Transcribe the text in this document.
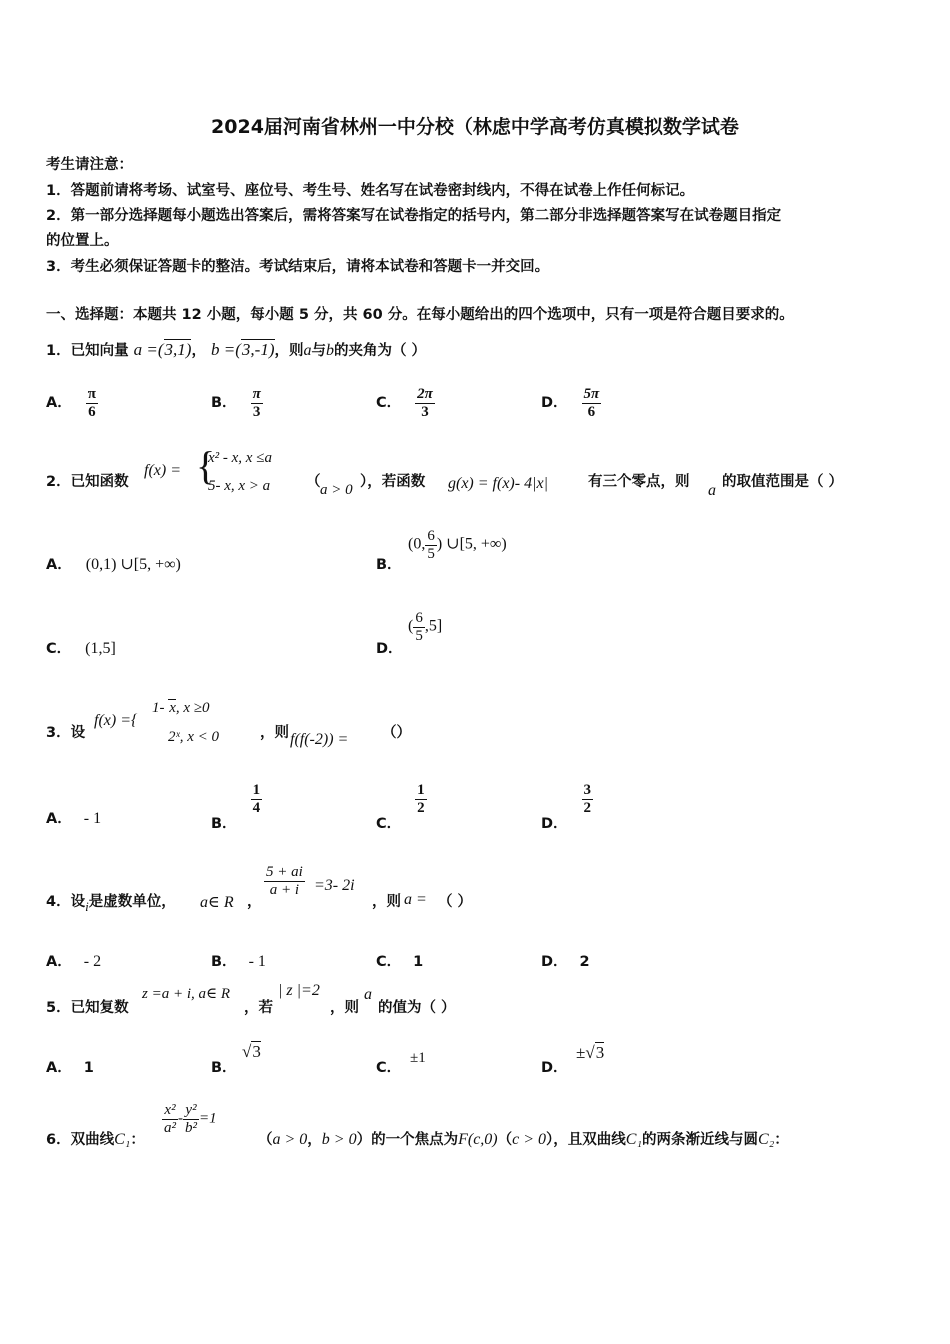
2024届河南省林州一中分校（林虑中学高考仿真模拟数学试卷
考生请注意：
1．答题前请将考场、试室号、座位号、考生号、姓名写在试卷密封线内，不得在试卷上作任何标记。
2．第一部分选择题每小题选出答案后，需将答案写在试卷指定的括号内，第二部分非选择题答案写在试卷题目指定
的位置上。
3．考生必须保证答题卡的整洁。考试结束后，请将本试卷和答题卡一并交回。
一、选择题：本题共 12 小题，每小题 5 分，共 60 分。在每小题给出的四个选项中，只有一项是符合题目要求的。
1．已知向量 a =(3,1)， b =(3,‐1)，则a与b的夹角为（ ）
A． $\frac{\pi}{6}$	B． $\frac{\pi}{3}$	C． $\frac{2\pi}{3}$	D． $\frac{5\pi}{6}$
2．已知函数
f(x) = {
x² ‐ x, x ≤a
5‐ x, x > a （ a > 0 ），若函数 g(x) = f(x)‐ 4|x|	有三个零点，则 a 的取值范围是（ ）
A． (0,1) ∪[5, +∞)	B．
(0, $\frac{6}{5}$ ) ∪[5, +∞)
C． (1,5]	D．
( $\frac{6}{5} ,5$]
3．设
f(x) ={
1‐ x, x ≥0
2ˣ, x < 0	，则 f(f(‐2)) = （）
A． ‐ 1	B．
$\frac{1}{4}$
C．
$\frac{1}{2}$
D．
$\frac{3}{2}$
4．设i是虚数单位， a∈ R ，
$\frac{5 + ai}{a + i}$ =3‐ 2i
，则 a = （ ）
A． ‐ 2	B． ‐ 1	C． 1	D． 2
5．已知复数
z =a + i, a∈ R
，若
| z |=2
，则
a
的值为（ ）
A． 1	B．
√3
C．
±1
D．
±√3
6．双曲线C₁：
$\frac{\text{x²}}{\text{a²}}$ ‐ $\frac{\text{y²}}{\text{b²}} =1$
（a > 0，b > 0）的一个焦点为F(c,0)（c > 0），且双曲线C₁的两条渐近线与圆C₂：
